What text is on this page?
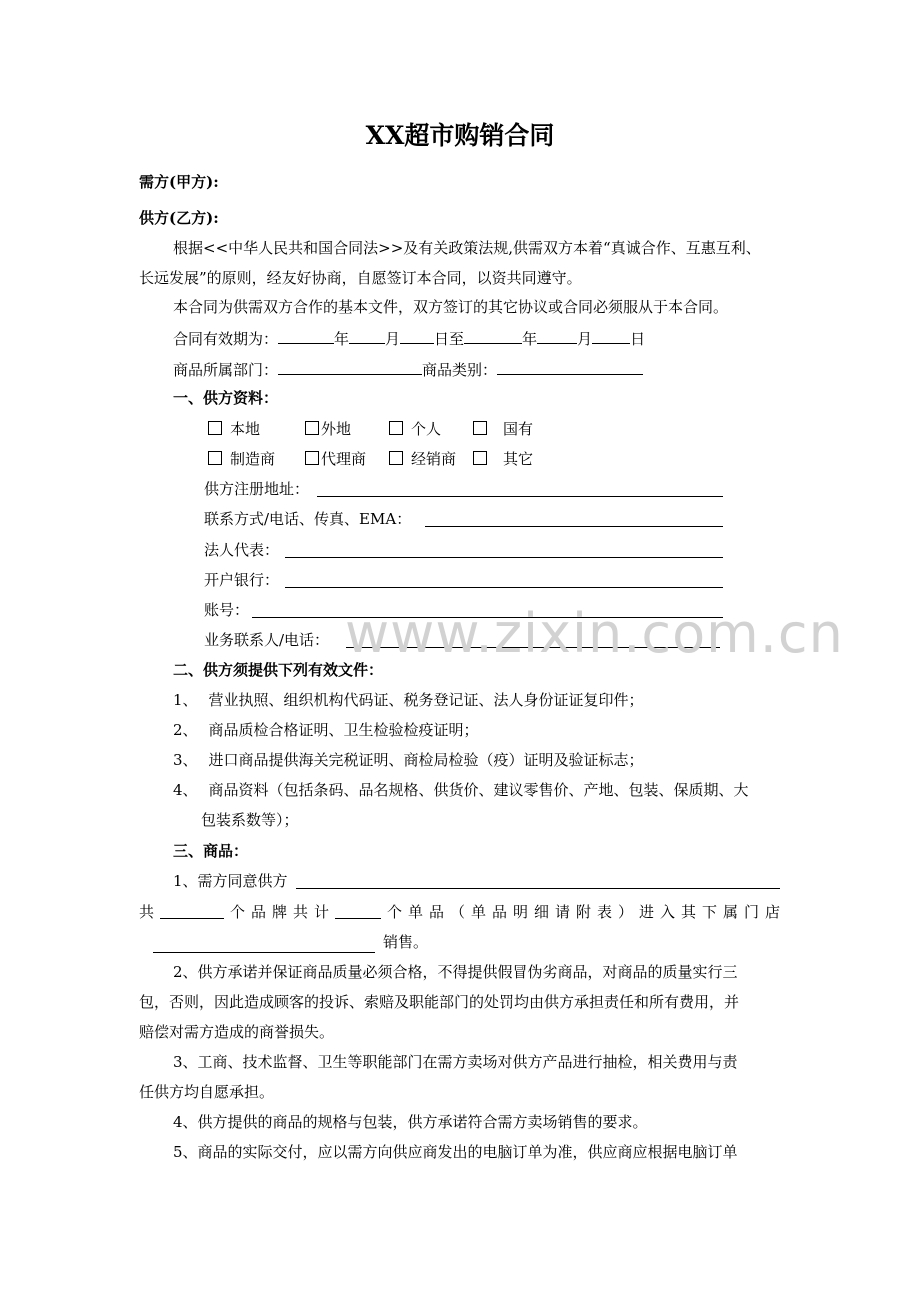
XX超市购销合同
需方(甲方):
供方(乙方):
根据<<中华人民共和国合同法>>及有关政策法规,供需双方本着“真诚合作、互惠互利、
长远发展”的原则，经友好协商，自愿签订本合同，以资共同遵守。
本合同为供需双方合作的基本文件，双方签订的其它协议或合同必须服从于本合同。
合同有效期为：	年 月 日至	年	月	日
商品所属部门：	商品类别：
一、供方资料：
本地	外地	个人	国有
制造商	代理商	经销商	其它
供方注册地址：
联系方式/电话、传真、EMA：
法人代表：
开户银行：
账号：
业务联系人/电话：
二、供方须提供下列有效文件：
1、 营业执照、组织机构代码证、税务登记证、法人身份证证复印件；
2、 商品质检合格证明、卫生检验检疫证明；
3、 进口商品提供海关完税证明、商检局检验（疫）证明及验证标志；
4、 商品资料（包括条码、品名规格、供货价、建议零售价、产地、包装、保质期、大
包装系数等）；
三、商品：
1、需方同意供方
共	个 品 牌 共 计	个 单 品 （ 单 品 明 细 请 附 表 ） 进 入 其 下 属 门 店
销售。
2、供方承诺并保证商品质量必须合格，不得提供假冒伪劣商品，对商品的质量实行三
包，否则，因此造成顾客的投诉、索赔及职能部门的处罚均由供方承担责任和所有费用，并
赔偿对需方造成的商誉损失。
3、工商、技术监督、卫生等职能部门在需方卖场对供方产品进行抽检，相关费用与责
任供方均自愿承担。
4、供方提供的商品的规格与包装，供方承诺符合需方卖场销售的要求。
5、商品的实际交付，应以需方向供应商发出的电脑订单为准，供应商应根据电脑订单
www.zixin.com.cn
